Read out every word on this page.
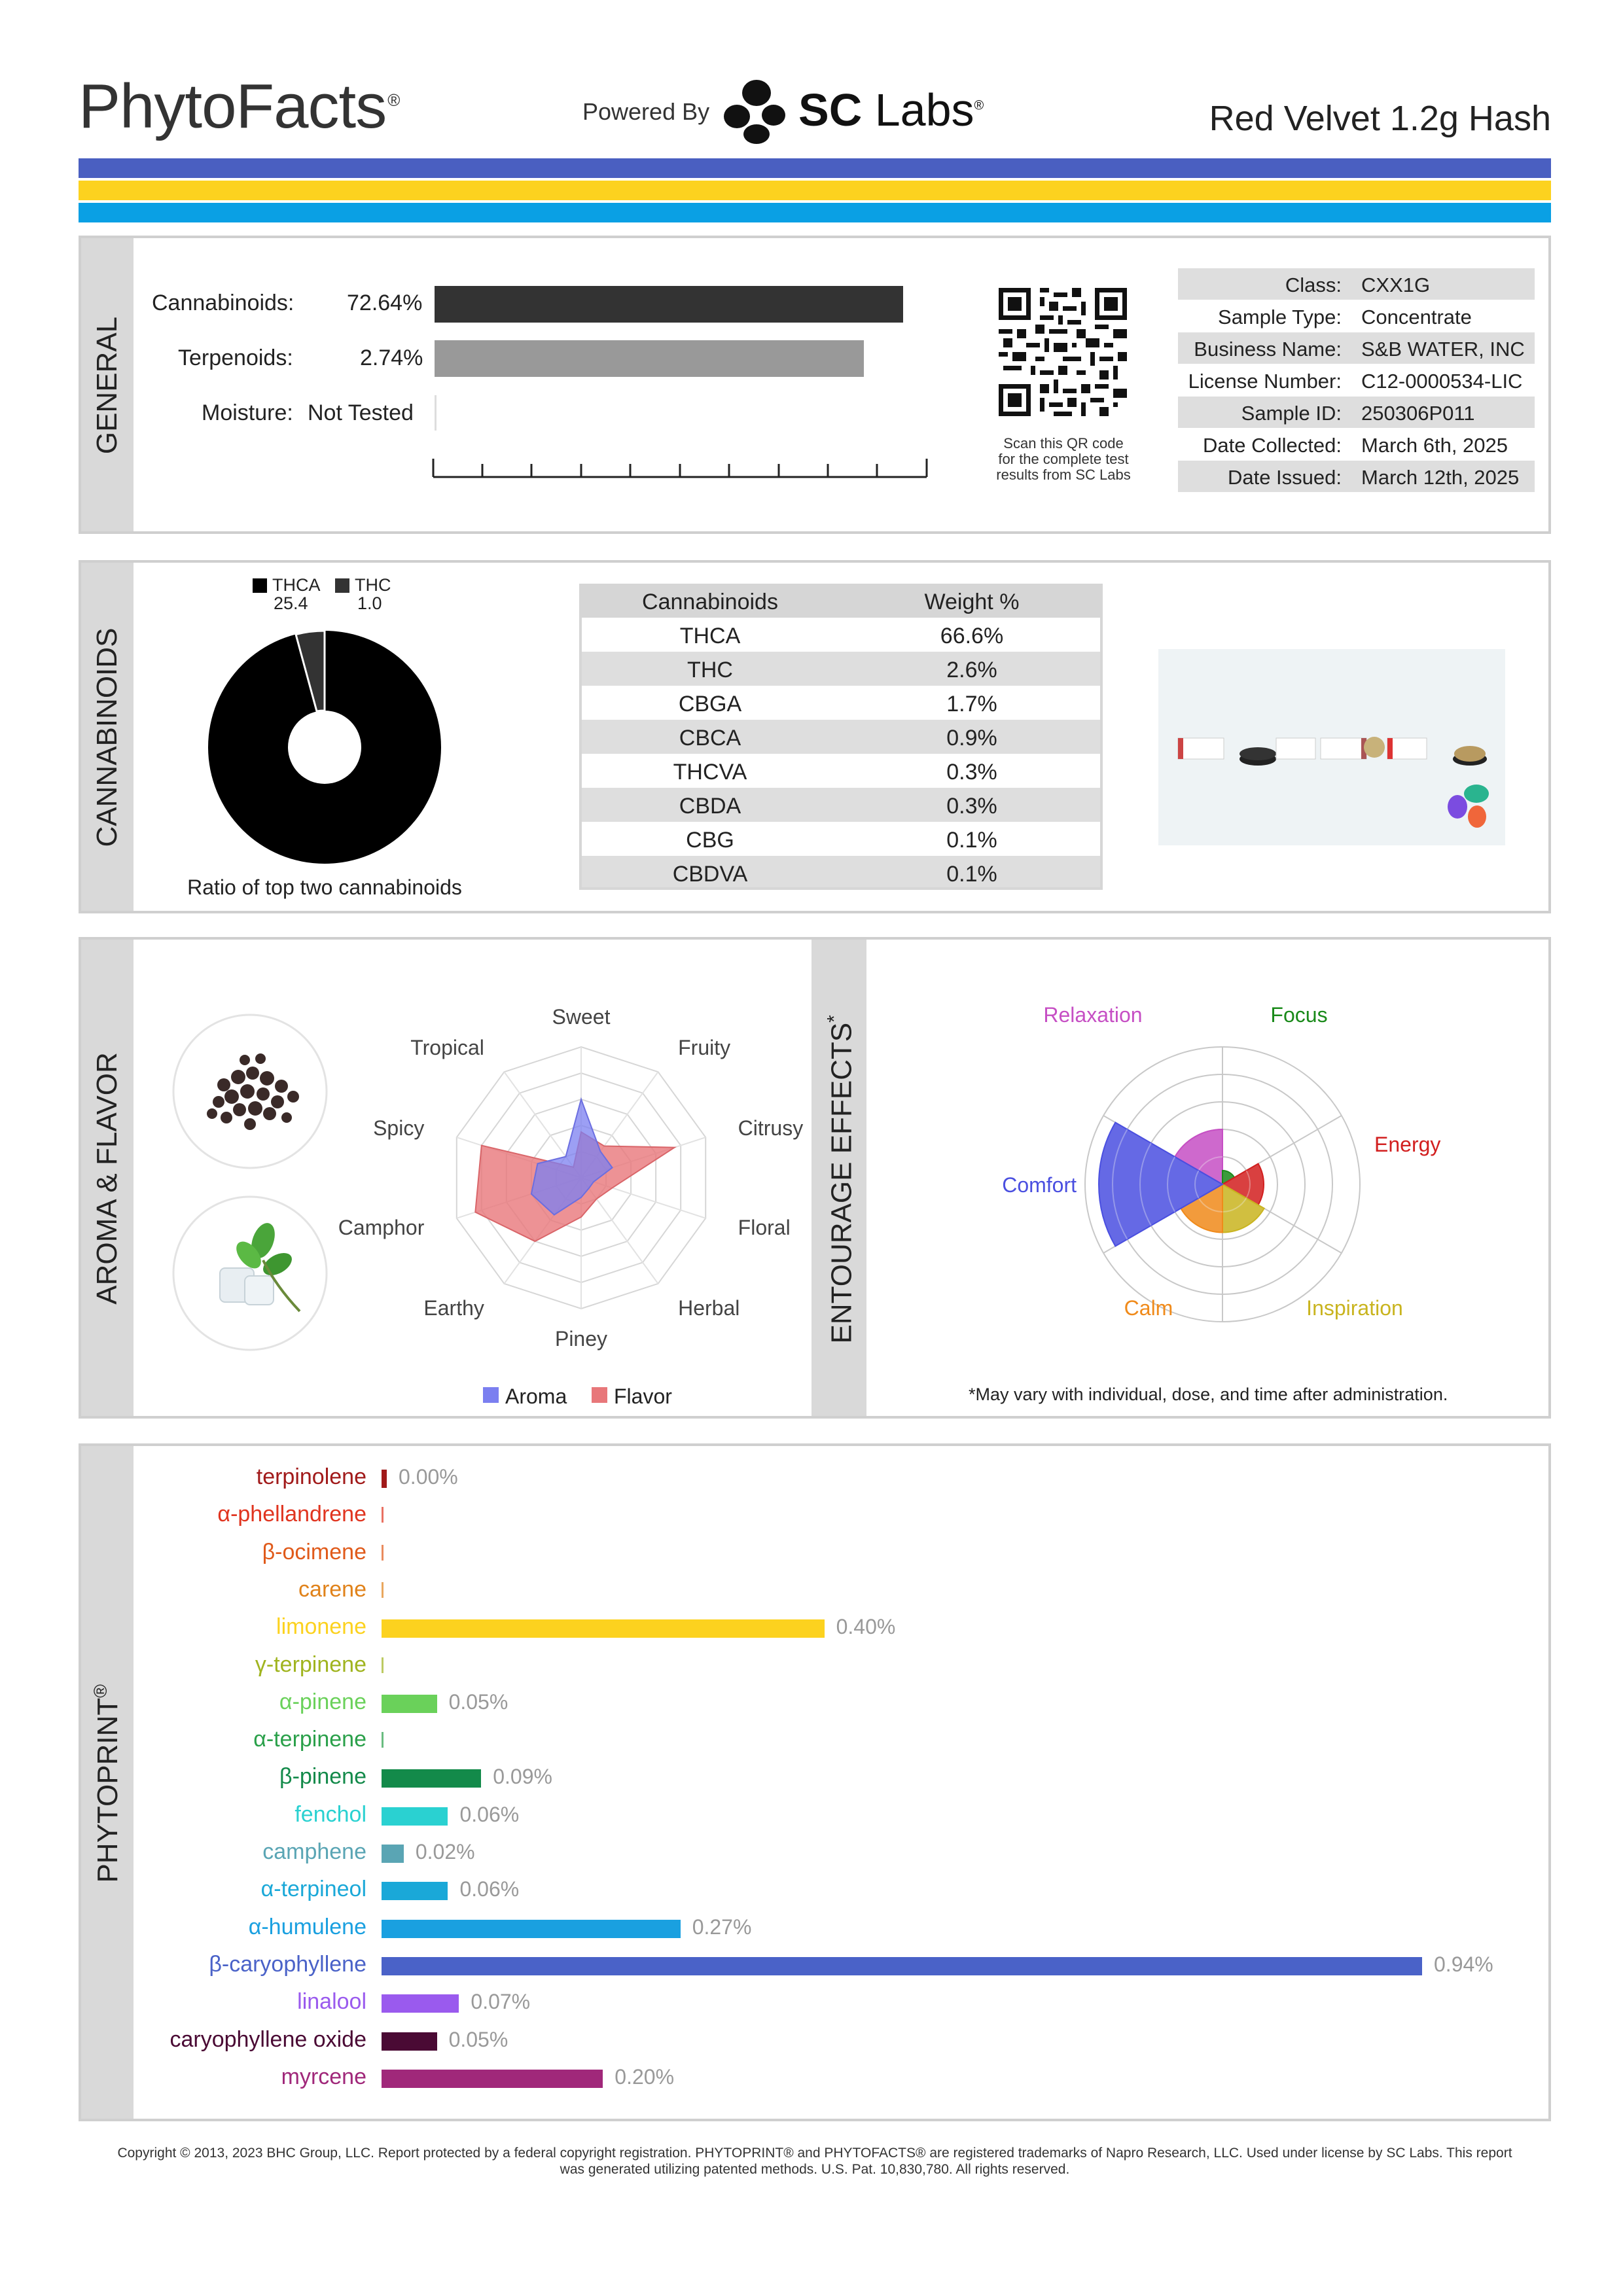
PhytoFacts®	Powered By SC Labs®	Red Velvet 1.2g Hash
GENERAL
Cannabinoids: 72.64%
Terpenoids:	2.74%
Moisture: Not Tested
Scan this QR code
for the complete test
results from SC Labs
Class: CXX1G
Sample Type: Concentrate
Business Name: S&B WATER, INC
License Number: C12-0000534-LIC
Sample ID: 250306P011
Date Collected: March 6th, 2025
Date Issued: March 12th, 2025
CANNABINOIDS
THCA
25.4
THC
1.0
Ratio of top two cannabinoids
Cannabinoids	Weight %
THCA	66.6%
THC	2.6%
CBGA	1.7%
CBCA	0.9%
THCVA	0.3%
CBDA	0.3%
CBG	0.1%
CBDVA	0.1%
AROMA & FLAVOR
Sweet
Fruity
Citrusy
Floral
Herbal
Piney
Earthy
Camphor
Spicy
Tropical
Aroma Flavor
ENTOURAGE EFFECTS*	Relaxation	Focus
Energy
Inspiration
Calm
Comfort
*May vary with individual, dose, and time after administration.
PHYTOPRINT®
terpinolene 0.00%
α-phellandrene
β-ocimene
carene
limonene	0.40%
γ-terpinene
α-pinene	0.05%
α-terpinene
β-pinene	0.09%
fenchol	0.06%
camphene 0.02%
α-terpineol	0.06%
α-humulene	0.27%
β-caryophyllene	0.94%
linalool	0.07%
caryophyllene oxide	0.05%
myrcene	0.20%
Copyright © 2013, 2023 BHC Group, LLC. Report protected by a federal copyright registration. PHYTOPRINT® and PHYTOFACTS® are registered trademarks of Napro Research, LLC. Used under license by SC Labs. This report
was generated utilizing patented methods. U.S. Pat. 10,830,780. All rights reserved.
